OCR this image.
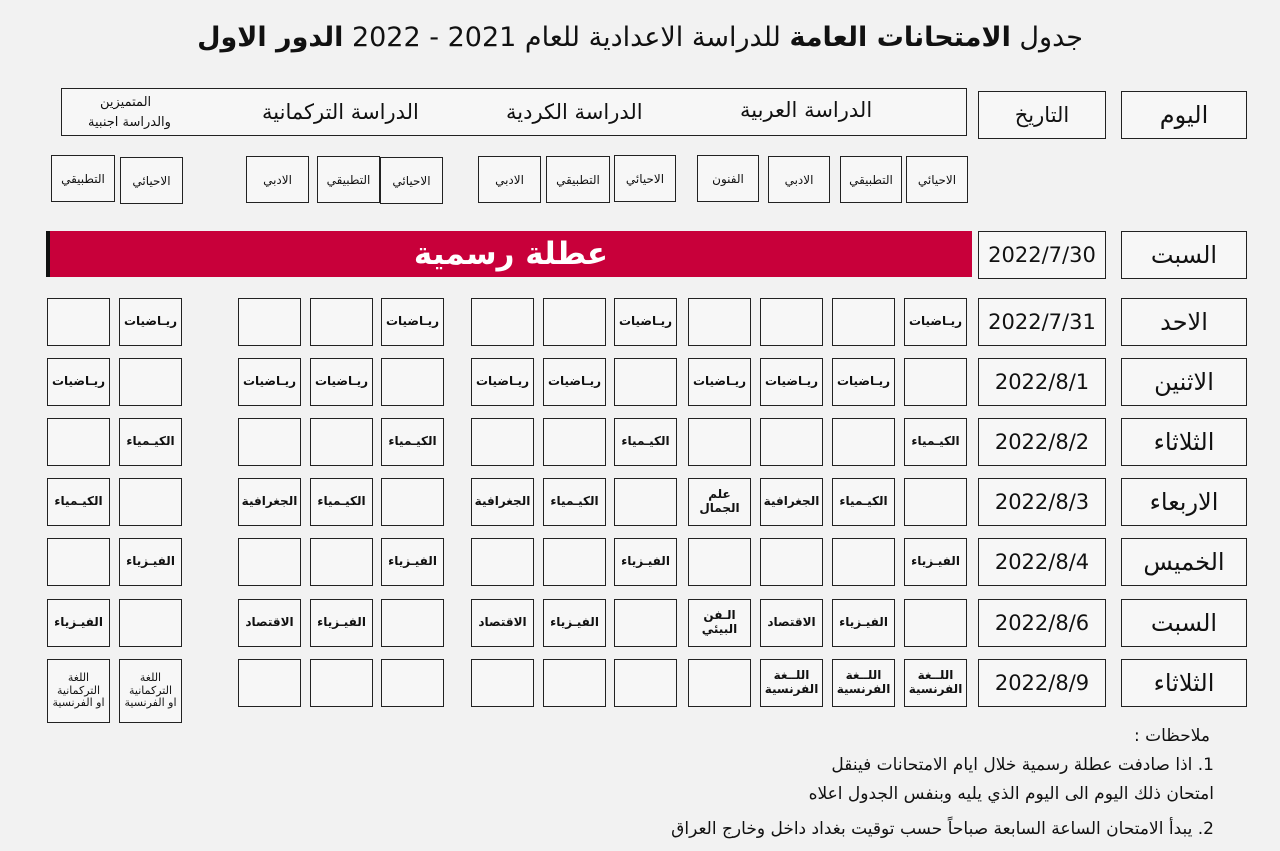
جدول الامتحانات العامة للدراسة الاعدادية للعام 2021 - 2022 الدور الاول
اليوم
التاريخ
الدراسة العربية
الدراسة الكردية
الدراسة التركمانية
المتميزين
والدراسة اجنبية
الاحيائي
التطبيقي
الادبي
الفنون
الاحيائي
التطبيقي
الادبي
الاحيائي
التطبيقي
الادبي
الاحيائي
التطبيقي
السبت
2022/7/30
عطلة رسمية
الاحد
2022/7/31
ريـاضيات
ريـاضيات
ريـاضيات
ريـاضيات
الاثنين
2022/8/1
ريـاضيات
ريـاضيات
ريـاضيات
ريـاضيات
ريـاضيات
ريـاضيات
ريـاضيات
ريـاضيات
الثلاثاء
2022/8/2
الكيـمياء
الكيـمياء
الكيـمياء
الكيـمياء
الاربعاء
2022/8/3
الكيـمياء
الجغرافية
علم
الجمال
الكيـمياء
الجغرافية
الكيـمياء
الجغرافية
الكيـمياء
الخميس
2022/8/4
الفيـزياء
الفيـزياء
الفيـزياء
الفيـزياء
السبت
2022/8/6
الفيـزياء
الاقتصاد
الـفن
البيئي
الفيـزياء
الاقتصاد
الفيـزياء
الاقتصاد
الفيـزياء
الثلاثاء
2022/8/9
اللــغة
الفرنسية
اللــغة
الفرنسية
اللــغة
الفرنسية
اللغة
التركمانية
او الفرنسية
اللغة
التركمانية
او الفرنسية
ملاحظات :
1. اذا صادفت عطلة رسمية خلال ايام الامتحانات فينقل
امتحان ذلك اليوم الى اليوم الذي يليه وبنفس الجدول اعلاه
2. يبدأ الامتحان الساعة السابعة صباحاً حسب توقيت بغداد داخل وخارج العراق
